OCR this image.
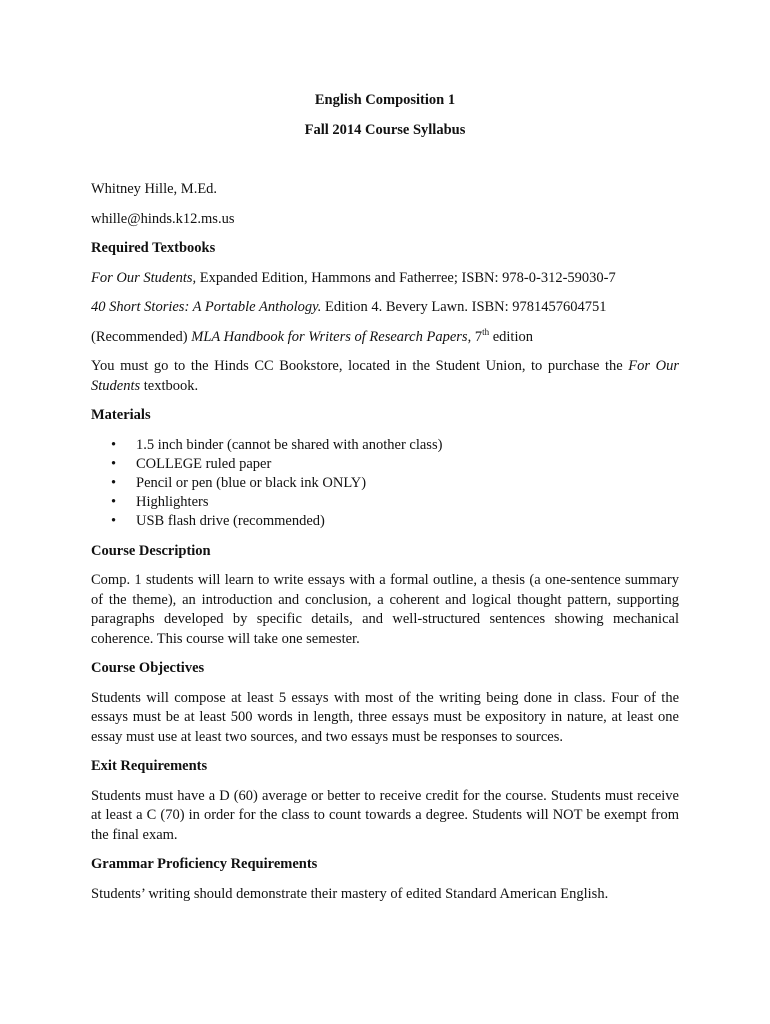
English Composition 1

Fall 2014 Course Syllabus

Whitney Hille, M.Ed.

whille@hinds.k12.ms.us

Required Textbooks

For Our Students, Expanded Edition, Hammons and Fatherree; ISBN: 978-0-312-59030-7

40 Short Stories: A Portable Anthology. Edition 4. Bevery Lawn. ISBN: 9781457604751

(Recommended) MLA Handbook for Writers of Research Papers, 7th edition

You must go to the Hinds CC Bookstore, located in the Student Union, to purchase the For Our Students textbook.

Materials

• 1.5 inch binder (cannot be shared with another class)
• COLLEGE ruled paper
• Pencil or pen (blue or black ink ONLY)
• Highlighters
• USB flash drive (recommended)

Course Description

Comp. 1 students will learn to write essays with a formal outline, a thesis (a one-sentence summary of the theme), an introduction and conclusion, a coherent and logical thought pattern, supporting paragraphs developed by specific details, and well-structured sentences showing mechanical coherence. This course will take one semester.

Course Objectives

Students will compose at least 5 essays with most of the writing being done in class. Four of the essays must be at least 500 words in length, three essays must be expository in nature, at least one essay must use at least two sources, and two essays must be responses to sources.

Exit Requirements

Students must have a D (60) average or better to receive credit for the course. Students must receive at least a C (70) in order for the class to count towards a degree. Students will NOT be exempt from the final exam.

Grammar Proficiency Requirements

Students’ writing should demonstrate their mastery of edited Standard American English.
